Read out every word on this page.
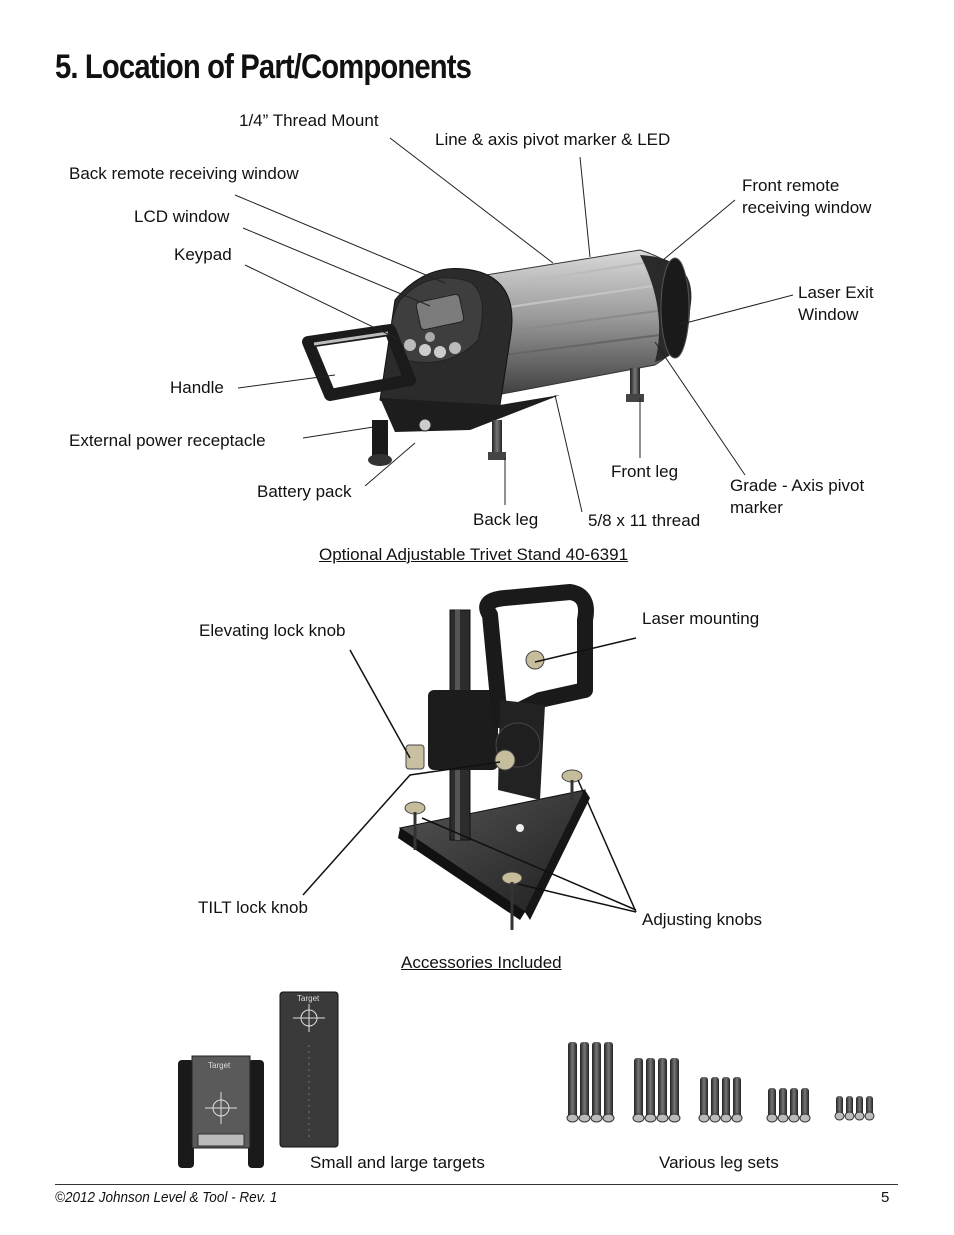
5. Location of Part/Components
Target
Target
1/4” Thread Mount
Line & axis pivot marker & LED
Back remote receiving window
Front remote
receiving window
LCD window
Keypad
Laser Exit
Window
Handle
External power receptacle
Front leg
Grade - Axis pivot
marker
Battery pack
Back leg	5/8 x 11 thread
Optional Adjustable Trivet Stand 40-6391
Elevating lock knob
Laser mounting
TILT lock knob
Adjusting knobs
Accessories Included
Small and large targets	Various leg sets
©2012 Johnson Level & Tool - Rev. 1	5
